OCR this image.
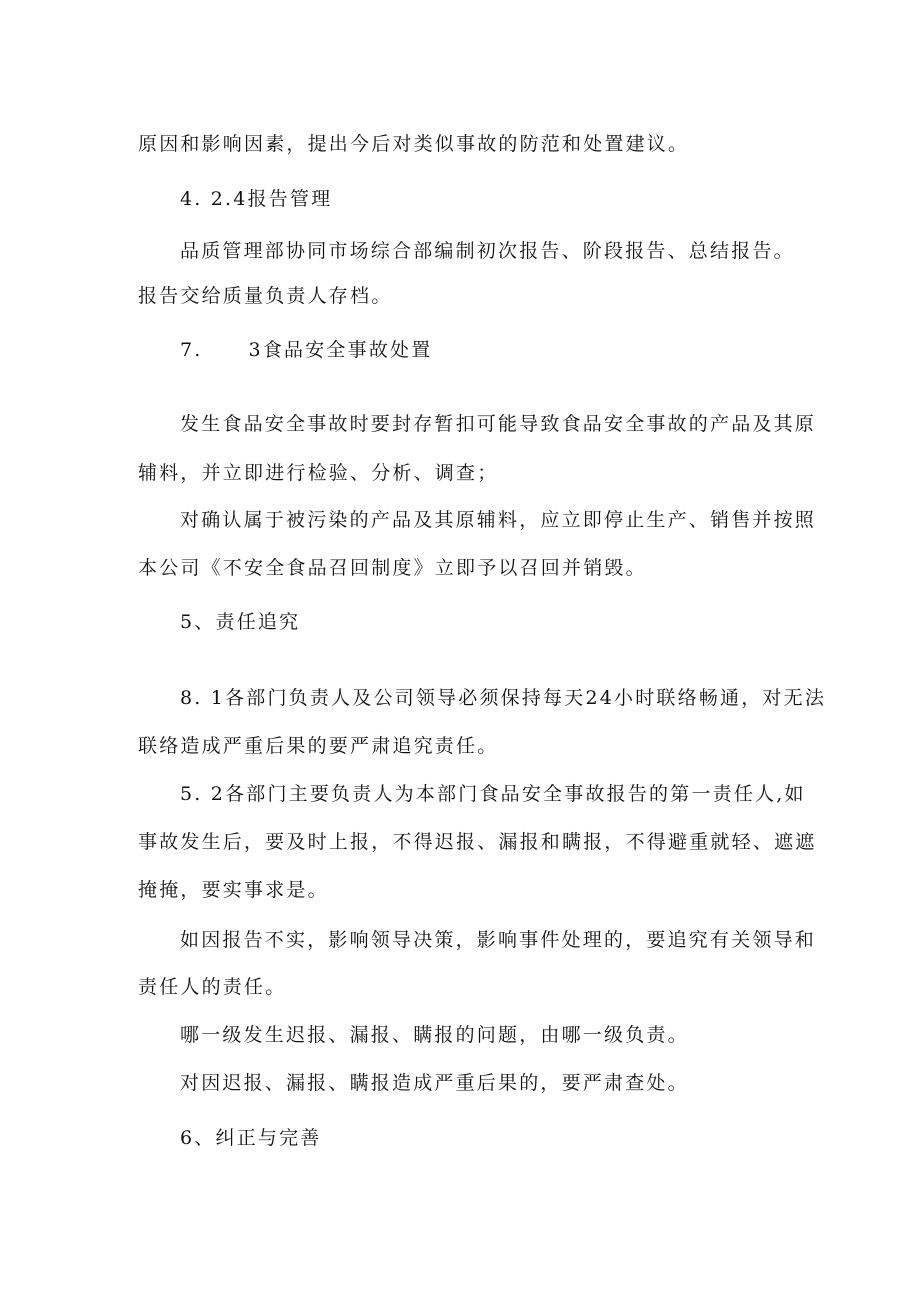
原因和影响因素，提出今后对类似事故的防范和处置建议。
4. 2.4报告管理
品质管理部协同市场综合部编制初次报告、阶段报告、总结报告。
报告交给质量负责人存档。
7. 3食品安全事故处置
发生食品安全事故时要封存暂扣可能导致食品安全事故的产品及其原
辅料，并立即进行检验、分析、调查；
对确认属于被污染的产品及其原辅料，应立即停止生产、销售并按照
本公司《不安全食品召回制度》立即予以召回并销毁。
5、责任追究
8. 1各部门负责人及公司领导必须保持每天24小时联络畅通，对无法
联络造成严重后果的要严肃追究责任。
5. 2各部门主要负责人为本部门食品安全事故报告的第一责任人,如
事故发生后，要及时上报，不得迟报、漏报和瞒报，不得避重就轻、遮遮
掩掩，要实事求是。
如因报告不实，影响领导决策，影响事件处理的，要追究有关领导和
责任人的责任。
哪一级发生迟报、漏报、瞒报的问题，由哪一级负责。
对因迟报、漏报、瞒报造成严重后果的，要严肃查处。
6、纠正与完善
